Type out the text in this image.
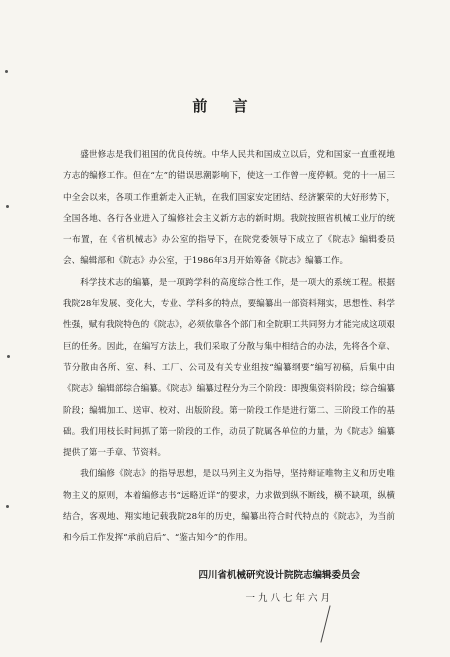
前 言

盛世修志是我们祖国的优良传统。中华人民共和国成立以后，党和国家一直重视地方志的编修工作。但在“左”的错误思潮影响下，使这一工作曾一度停顿。党的十一届三中全会以来，各项工作重新走入正轨，在我们国家安定团结、经济繁荣的大好形势下，全国各地、各行各业进入了编修社会主义新方志的新时期。我院按照省机械工业厅的统一布置，在《省机械志》办公室的指导下，在院党委领导下成立了《院志》编辑委员会、编辑部和《院志》办公室，于1986年3月开始筹备《院志》编纂工作。

科学技术志的编纂，是一项跨学科的高度综合性工作，是一项大的系统工程。根据我院28年发展、变化大，专业、学科多的特点，要编纂出一部资料翔实，思想性、科学性强，赋有我院特色的《院志》，必须依靠各个部门和全院职工共同努力才能完成这项艰巨的任务。因此，在编写方法上，我们采取了分散与集中相结合的办法，先将各个章、节分散由各所、室、科、工厂、公司及有关专业组按“编纂纲要”编写初稿，后集中由《院志》编辑部综合编纂。《院志》编纂过程分为三个阶段：即搜集资料阶段；综合编纂阶段；编辑加工、送审、校对、出版阶段。第一阶段工作是进行第二、三阶段工作的基础。我们用枝长时间抓了第一阶段的工作，动员了院属各单位的力量，为《院志》编纂提供了第一手章、节资料。

我们编修《院志》的指导思想，是以马列主义为指导，坚持辩证唯物主义和历史唯物主义的原则，本着编修志书“远略近详”的要求，力求做到纵不断线，横不缺项，纵横结合，客观地、翔实地记载我院28年的历史，编纂出符合时代特点的《院志》，为当前和今后工作发挥“承前启后”、“鉴古知今”的作用。

四川省机械研究设计院院志编辑委员会
一九八七年六月
